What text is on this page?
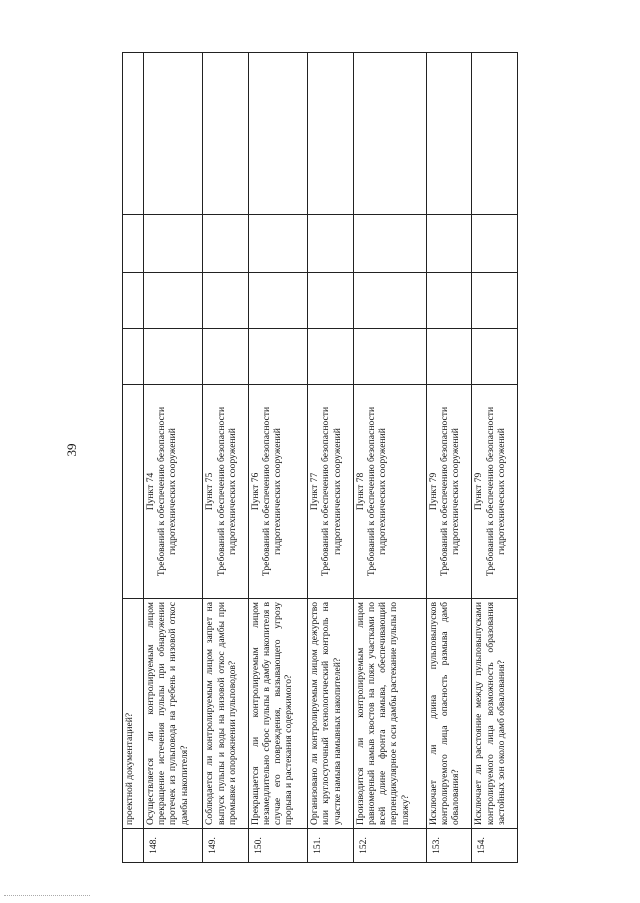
39
	проектной документацией?					
148.	Осуществляется ли контролируемым лицом прекращение истечения пульпы при обнаружении протечек из пульповода на гребень и низовой откос дамбы накопителя?	Пункт 74 Требований к обеспечению безопасности гидротехнических сооружений				

149.	Соблюдается ли контролируемым лицом запрет на выпуск пульпы и воды на низовой откос дамбы при промывке и опорожнении пульповодов?	Пункт 75 Требований к обеспечению безопасности гидротехнических сооружений				

150.	Прекращается ли контролируемым лицом незамедлительно сброс пульпы в дамбу накопителя в случае его повреждения, вызывающего угрозу прорыва и растекания содержимого?	Пункт 76 Требований к обеспечению безопасности гидротехнических сооружений				

151.	Организовано ли контролируемым лицом дежурство или круглосуточный технологический контроль на участке намыва намывных накопителей?	Пункт 77 Требований к обеспечению безопасности гидротехнических сооружений				

152.	Производится ли контролируемым лицом равномерный намыв хвостов на пляж участками по всей длине фронта намыва, обеспечивающий перпендикулярное к оси дамбы растекание пульпы по пляжу?	Пункт 78 Требований к обеспечению безопасности гидротехнических сооружений				

153.	Исключает ли длина пульповыпусков контролируемого лица опасность размыва дамб обвалования?	Пункт 79 Требований к обеспечению безопасности гидротехнических сооружений				

154.	Исключает ли расстояние между пульповыпусками контролируемого лица возможность образования застойных зон около дамб обвалования?	Пункт 79 Требований к обеспечению безопасности гидротехнических сооружений				
